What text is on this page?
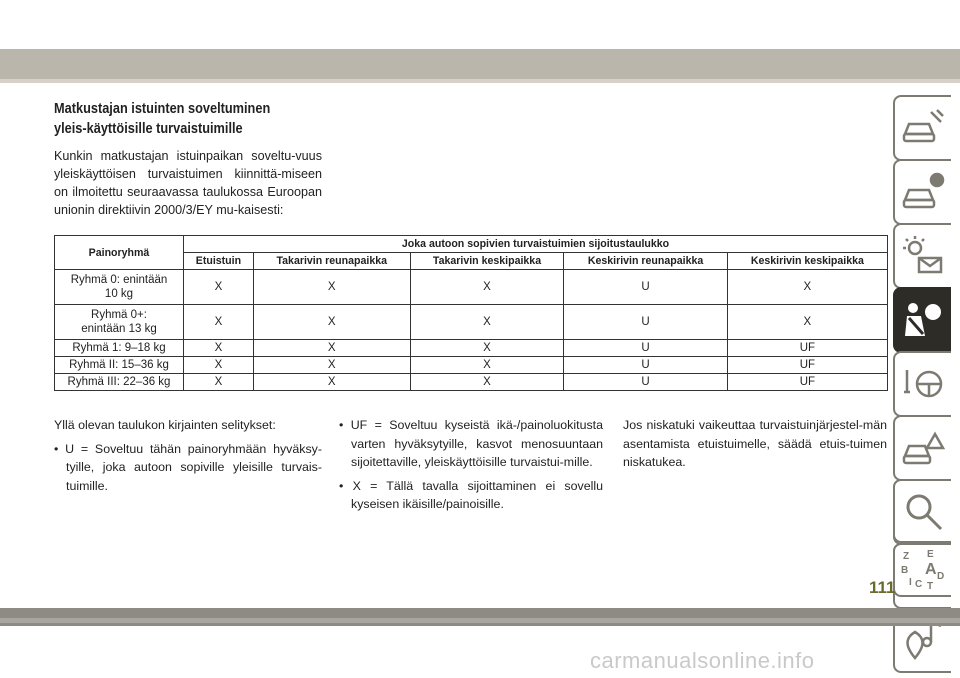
Matkustajan istuinten soveltuminen yleis-käyttöisille turvaistuimille

Kunkin matkustajan istuinpaikan soveltu-vuus yleiskäyttöisen turvaistuimen kiinnittä-miseen on ilmoitettu seuraavassa taulukossa Euroopan unionin direktiivin 2000/3/EY mu-kaisesti:

Painoryhmä	Joka autoon sopivien turvaistuimien sijoitustaulukko				
	Etuistuin	Takarivin reunapaikka	Takarivin keskipaikka	Keskirivin reunapaikka	Keskirivin keskipaikka
Ryhmä 0: enintään 10 kg	X	X	X	U	X
Ryhmä 0+: enintään 13 kg	X	X	X	U	X
Ryhmä 1: 9–18 kg	X	X	X	U	UF
Ryhmä II: 15–36 kg	X	X	X	U	UF
Ryhmä III: 22–36 kg	X	X	X	U	UF

Yllä olevan taulukon kirjainten selitykset:

• U = Soveltuu tähän painoryhmään hyväksy-tyille, joka autoon sopiville yleisille turvais-tuimille.

• UF = Soveltuu kyseistä ikä-/painoluokitusta varten hyväksytyille, kasvot menosuuntaan sijoitettaville, yleiskäyttöisille turvaistui-mille.

• X = Tällä tavalla sijoittaminen ei sovellu kyseisen ikäisille/painoisille.

Jos niskatuki vaikeuttaa turvaistuinjärjestel-män asentamista etuistuimelle, säädä etuis-tuimen niskatukea.

Z E
B A D
I C T
111
carmanualsonline.info
